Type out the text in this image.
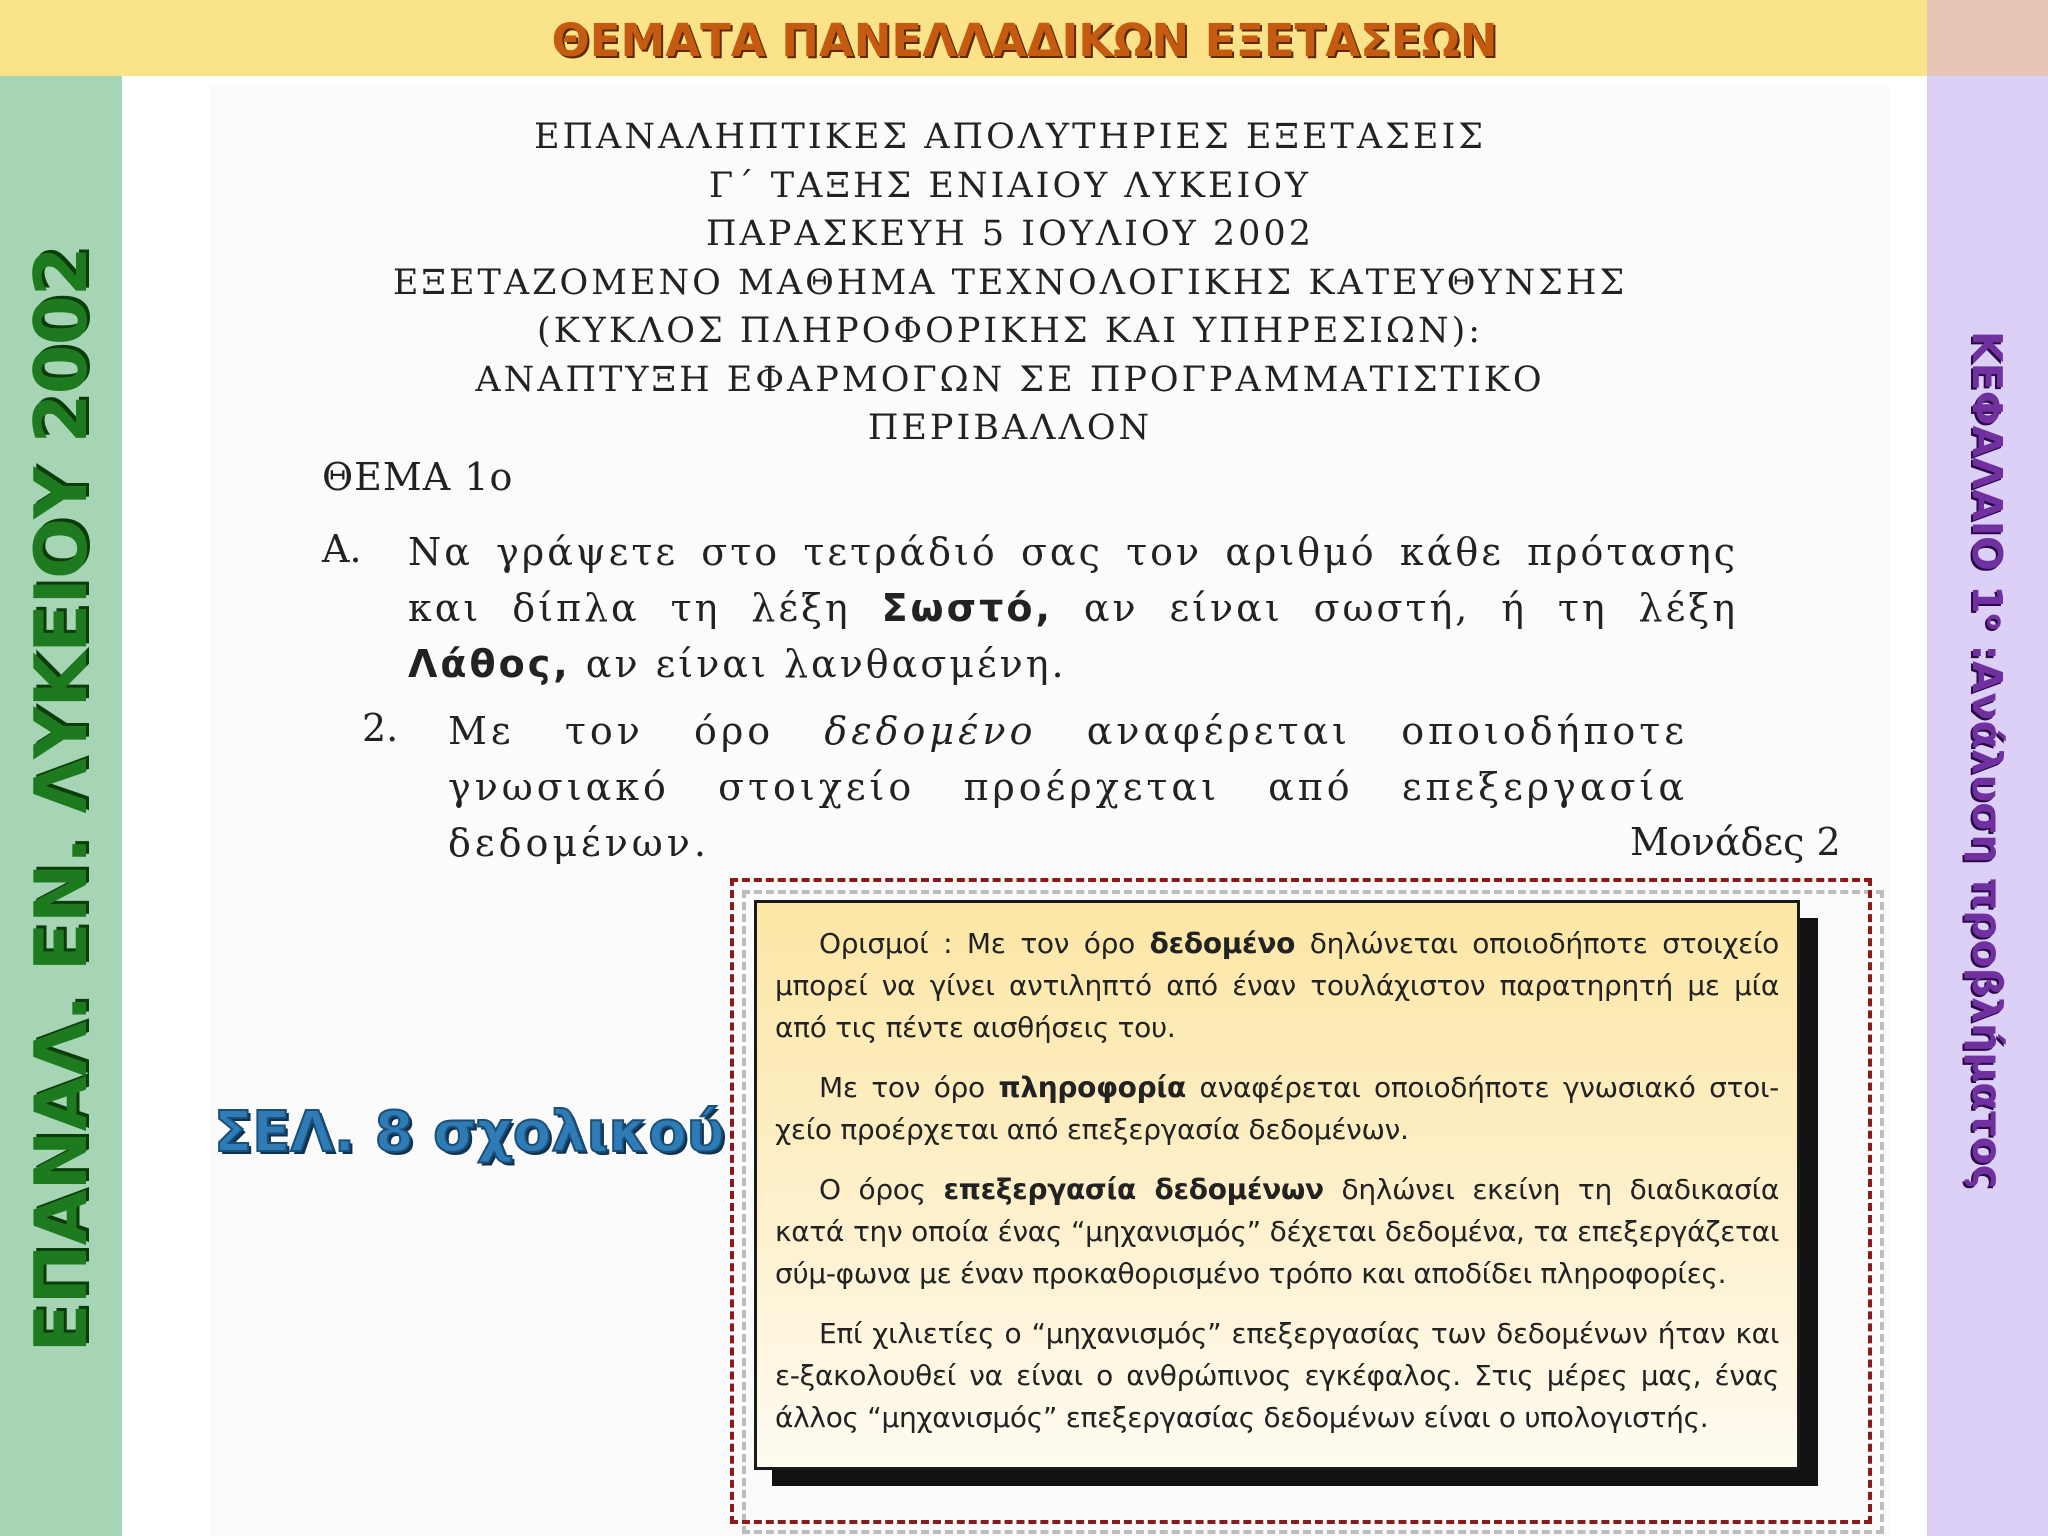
ΘΕΜΑΤΑ ΠΑΝΕΛΛΑΔΙΚΩΝ ΕΞΕΤΑΣΕΩΝ
ΕΠΑΝΑΛ. ΕΝ. ΛΥΚΕΙΟΥ 2002	ΚΕΦΑΛΑΙΟ $1^o$ :Ανάλυση προβλήματος
ΕΠΑΝΑΛΗΠΤΙΚΕΣ ΑΠΟΛΥΤΗΡΙΕΣ ΕΞΕΤΑΣΕΙΣ
Γ΄ ΤΑΞΗΣ ΕΝΙΑΙΟΥ ΛΥΚΕΙΟΥ
ΠΑΡΑΣΚΕΥΗ 5 ΙΟΥΛΙΟΥ 2002
ΕΞΕΤΑΖΟΜΕΝΟ ΜΑΘΗΜΑ ΤΕΧΝΟΛΟΓΙΚΗΣ ΚΑΤΕΥΘΥΝΣΗΣ
(ΚΥΚΛΟΣ ΠΛΗΡΟΦΟΡΙΚΗΣ ΚΑΙ ΥΠΗΡΕΣΙΩΝ):
ΑΝΑΠΤΥΞΗ ΕΦΑΡΜΟΓΩΝ ΣΕ ΠΡΟΓΡΑΜΜΑΤΙΣΤΙΚΟ
ΠΕΡΙΒΑΛΛΟΝ
ΘΕΜΑ 1ο
Α. Να γράψετε στο τετράδιό σας τον αριθμό κάθε πρότασης και δίπλα τη λέξη Σωστό, αν είναι σωστή, ή τη λέξη Λάθος, αν είναι λανθασμένη.
2. Με τον όρο δεδομένο αναφέρεται οποιοδήποτε γνωσιακό στοιχείο προέρχεται από επεξεργασία δεδομένων.	Μονάδες 2
ΣΕΛ. 8 σχολικού

Ορισμοί : Με τον όρο δεδομένο δηλώνεται οποιοδήποτε στοιχείο μπορεί να γίνει αντιληπτό από έναν τουλάχιστον παρατηρητή με μία από τις πέντε αισθήσεις του.

Με τον όρο πληροφορία αναφέρεται οποιοδήποτε γνωσιακό στοι-χείο προέρχεται από επεξεργασία δεδομένων.

Ο όρος επεξεργασία δεδομένων δηλώνει εκείνη τη διαδικασία κατά την οποία ένας “μηχανισμός” δέχεται δεδομένα, τα επεξεργάζεται σύμ-φωνα με έναν προκαθορισμένο τρόπο και αποδίδει πληροφορίες.

Επί χιλιετίες ο “μηχανισμός” επεξεργασίας των δεδομένων ήταν και ε-ξακολουθεί να είναι ο ανθρώπινος εγκέφαλος. Στις μέρες μας, ένας άλλος “μηχανισμός” επεξεργασίας δεδομένων είναι ο υπολογιστής.
